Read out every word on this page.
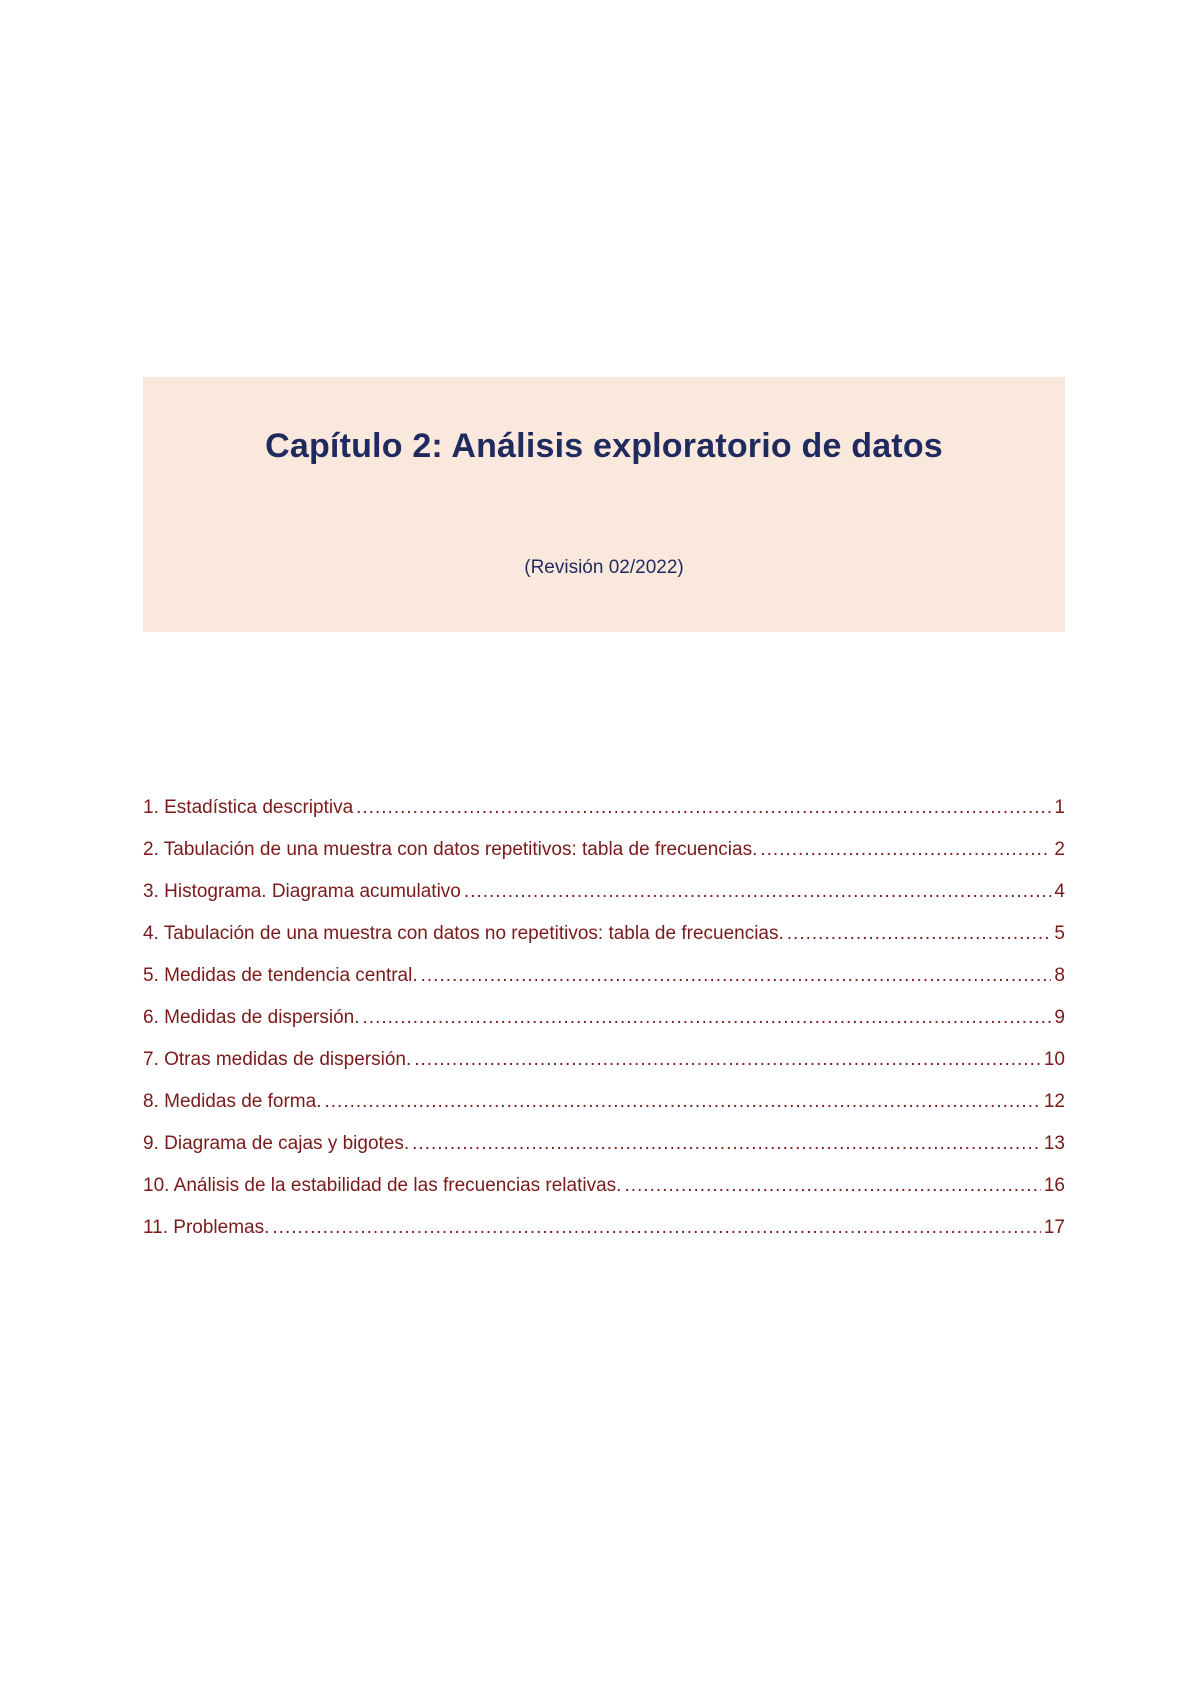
Capítulo 2: Análisis exploratorio de datos
(Revisión 02/2022)
1. Estadística descriptiva .....	1
2. Tabulación de una muestra con datos repetitivos: tabla de frecuencias. .....	2
3. Histograma. Diagrama acumulativo .....	4
4. Tabulación de una muestra con datos no repetitivos: tabla de frecuencias. .....	5
5. Medidas de tendencia central. .....	8
6. Medidas de dispersión. .....	9
7. Otras medidas de dispersión. .....	10
8. Medidas de forma. .....	12
9. Diagrama de cajas y bigotes. .....	13
10. Análisis de la estabilidad de las frecuencias relativas. .....	16
11. Problemas. .....	17
